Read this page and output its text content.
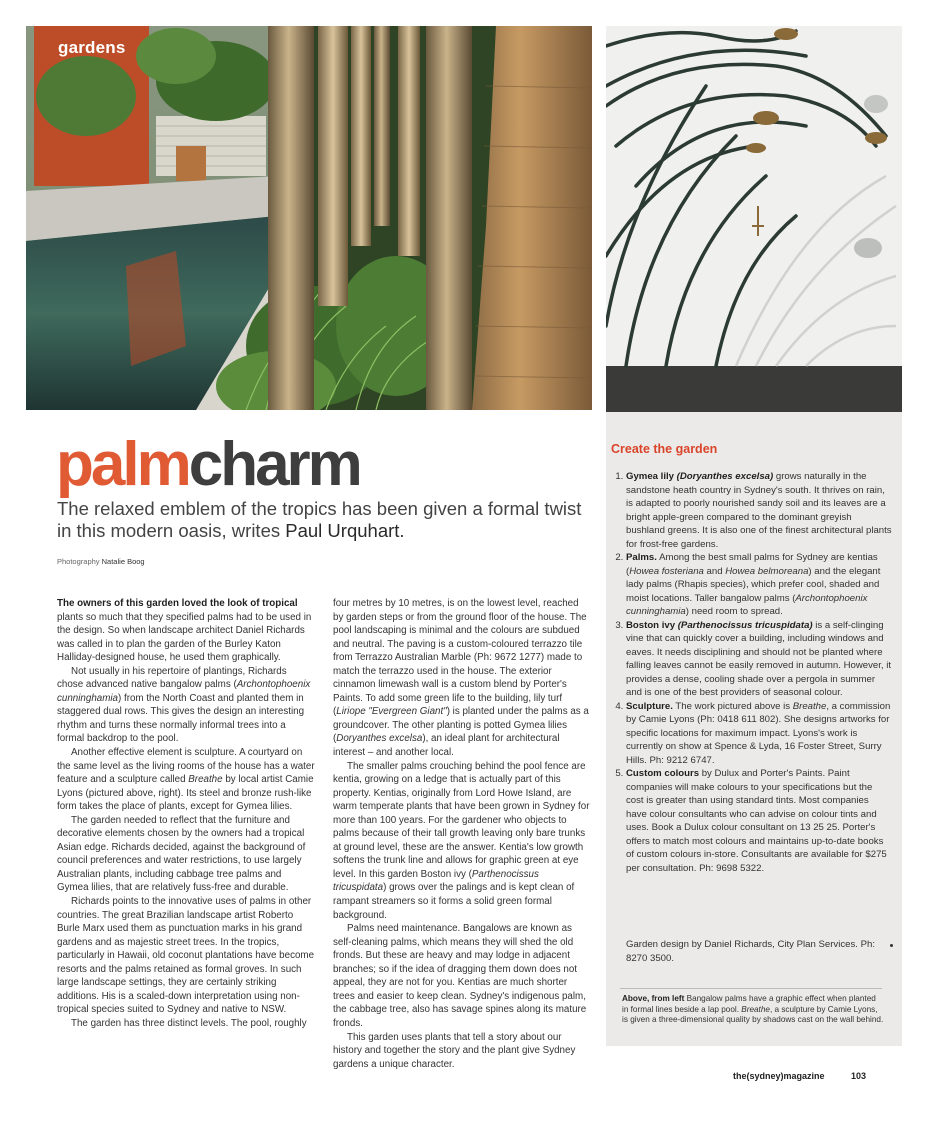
gardens

palmcharm

The relaxed emblem of the tropics has been given a formal twist in this modern oasis, writes Paul Urquhart.

Photography Natalie Boog

The owners of this garden loved the look of tropical plants so much that they specified palms had to be used in the design. So when landscape architect Daniel Richards was called in to plan the garden of the Burley Katon Halliday-designed house, he used them graphically.

Not usually in his repertoire of plantings, Richards chose advanced native bangalow palms (Archontophoenix cunninghamia) from the North Coast and planted them in staggered dual rows. This gives the design an interesting rhythm and turns these normally informal trees into a formal backdrop to the pool.

Another effective element is sculpture. A courtyard on the same level as the living rooms of the house has a water feature and a sculpture called Breathe by local artist Camie Lyons (pictured above, right). Its steel and bronze rush-like form takes the place of plants, except for Gymea lilies.

The garden needed to reflect that the furniture and decorative elements chosen by the owners had a tropical Asian edge. Richards decided, against the background of council preferences and water restrictions, to use largely Australian plants, including cabbage tree palms and Gymea lilies, that are relatively fuss-free and durable.

Richards points to the innovative uses of palms in other countries. The great Brazilian landscape artist Roberto Burle Marx used them as punctuation marks in his grand gardens and as majestic street trees. In the tropics, particularly in Hawaii, old coconut plantations have become resorts and the palms retained as formal groves. In such large landscape settings, they are certainly striking additions. His is a scaled-down interpretation using non-tropical species suited to Sydney and native to NSW.

The garden has three distinct levels. The pool, roughly

four metres by 10 metres, is on the lowest level, reached by garden steps or from the ground floor of the house. The pool landscaping is minimal and the colours are subdued and neutral. The paving is a custom-coloured terrazzo tile from Terrazzo Australian Marble (Ph: 9672 1277) made to match the terrazzo used in the house. The exterior cinnamon limewash wall is a custom blend by Porter's Paints. To add some green life to the building, lily turf (Liriope "Evergreen Giant") is planted under the palms as a groundcover. The other planting is potted Gymea lilies (Doryanthes excelsa), an ideal plant for architectural interest – and another local.

The smaller palms crouching behind the pool fence are kentia, growing on a ledge that is actually part of this property. Kentias, originally from Lord Howe Island, are warm temperate plants that have been grown in Sydney for more than 100 years. For the gardener who objects to palms because of their tall growth leaving only bare trunks at ground level, these are the answer. Kentia's low growth softens the trunk line and allows for graphic green at eye level. In this garden Boston ivy (Parthenocissus tricuspidata) grows over the palings and is kept clean of rampant streamers so it forms a solid green formal background.

Palms need maintenance. Bangalows are known as self-cleaning palms, which means they will shed the old fronds. But these are heavy and may lodge in adjacent branches; so if the idea of dragging them down does not appeal, they are not for you. Kentias are much shorter trees and easier to keep clean. Sydney's indigenous palm, the cabbage tree, also has savage spines along its mature fronds.

This garden uses plants that tell a story about our history and together the story and the plant give Sydney gardens a unique character.

Create the garden
1. Gymea lily (Doryanthes excelsa) grows naturally in the sandstone heath country in Sydney's south. It thrives on rain, is adapted to poorly nourished sandy soil and its leaves are a bright apple-green compared to the dominant greyish bushland greens. It is also one of the finest architectural plants for frost-free gardens.
2. Palms. Among the best small palms for Sydney are kentias (Howea fosteriana and Howea belmoreana) and the elegant lady palms (Rhapis species), which prefer cool, shaded and moist locations. Taller bangalow palms (Archontophoenix cunninghamia) need room to spread.
3. Boston ivy (Parthenocissus tricuspidata) is a self-clinging vine that can quickly cover a building, including windows and eaves. It needs disciplining and should not be planted where falling leaves cannot be easily removed in autumn. However, it provides a dense, cooling shade over a pergola in summer and is one of the best providers of seasonal colour.
4. Sculpture. The work pictured above is Breathe, a commission by Camie Lyons (Ph: 0418 611 802). She designs artworks for specific locations for maximum impact. Lyons's work is currently on show at Spence & Lyda, 16 Foster Street, Surry Hills. Ph: 9212 6747.
5. Custom colours by Dulux and Porter's Paints. Paint companies will make colours to your specifications but the cost is greater than using standard tints. Most companies have colour consultants who can advise on colour tints and uses. Book a Dulux colour consultant on 13 25 25. Porter's offers to match most colours and maintains up-to-date books of custom colours in-store. Consultants are available for $275 per consultation. Ph: 9698 5322.

Garden design by Daniel Richards, City Plan Services. Ph: 8270 3500.

Above, from left Bangalow palms have a graphic effect when planted in formal lines beside a lap pool. Breathe, a sculpture by Camie Lyons, is given a three-dimensional quality by shadows cast on the wall behind.

the(sydney)magazine	103
